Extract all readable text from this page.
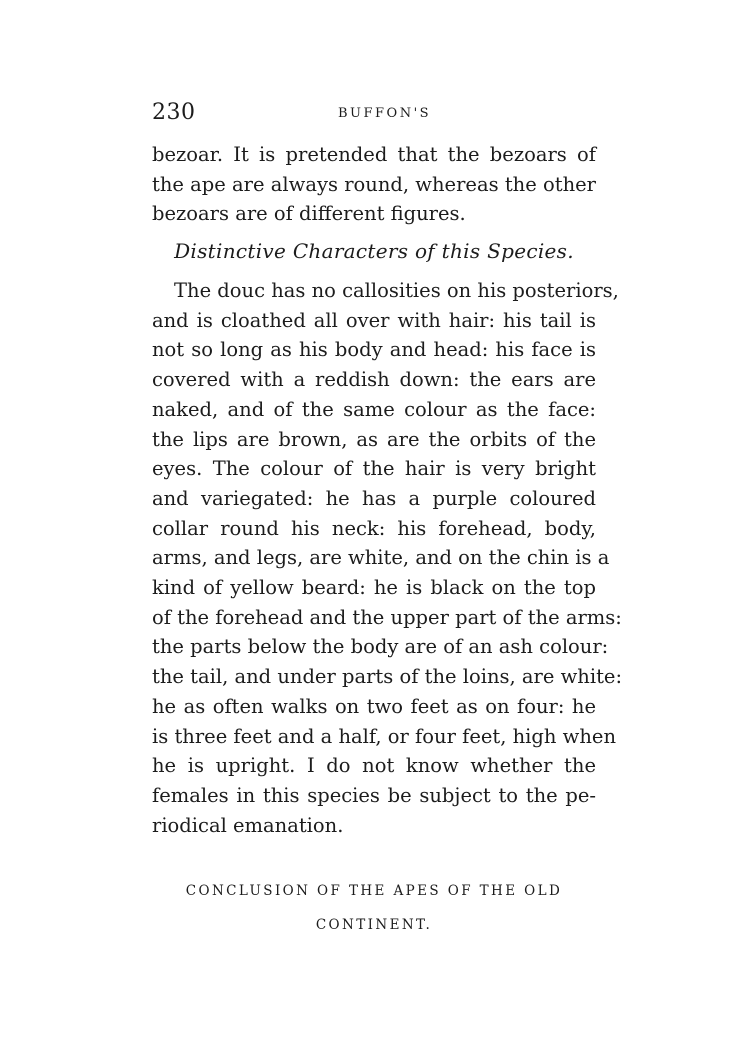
230	BUFFON'S
bezoar. It is pretended that the bezoars of
the ape are always round, whereas the other
bezoars are of different figures.
Distinctive Characters of this Species.
The douc has no callosities on his posteriors,
and is cloathed all over with hair: his tail is
not so long as his body and head: his face is
covered with a reddish down: the ears are
naked, and of the same colour as the face:
the lips are brown, as are the orbits of the
eyes. The colour of the hair is very bright
and variegated: he has a purple coloured
collar round his neck: his forehead, body,
arms, and legs, are white, and on the chin is a
kind of yellow beard: he is black on the top
of the forehead and the upper part of the arms:
the parts below the body are of an ash colour:
the tail, and under parts of the loins, are white:
he as often walks on two feet as on four: he
is three feet and a half, or four feet, high when
he is upright. I do not know whether the
females in this species be subject to the pe-
riodical emanation.
CONCLUSION OF THE APES OF THE OLD
CONTINENT.
